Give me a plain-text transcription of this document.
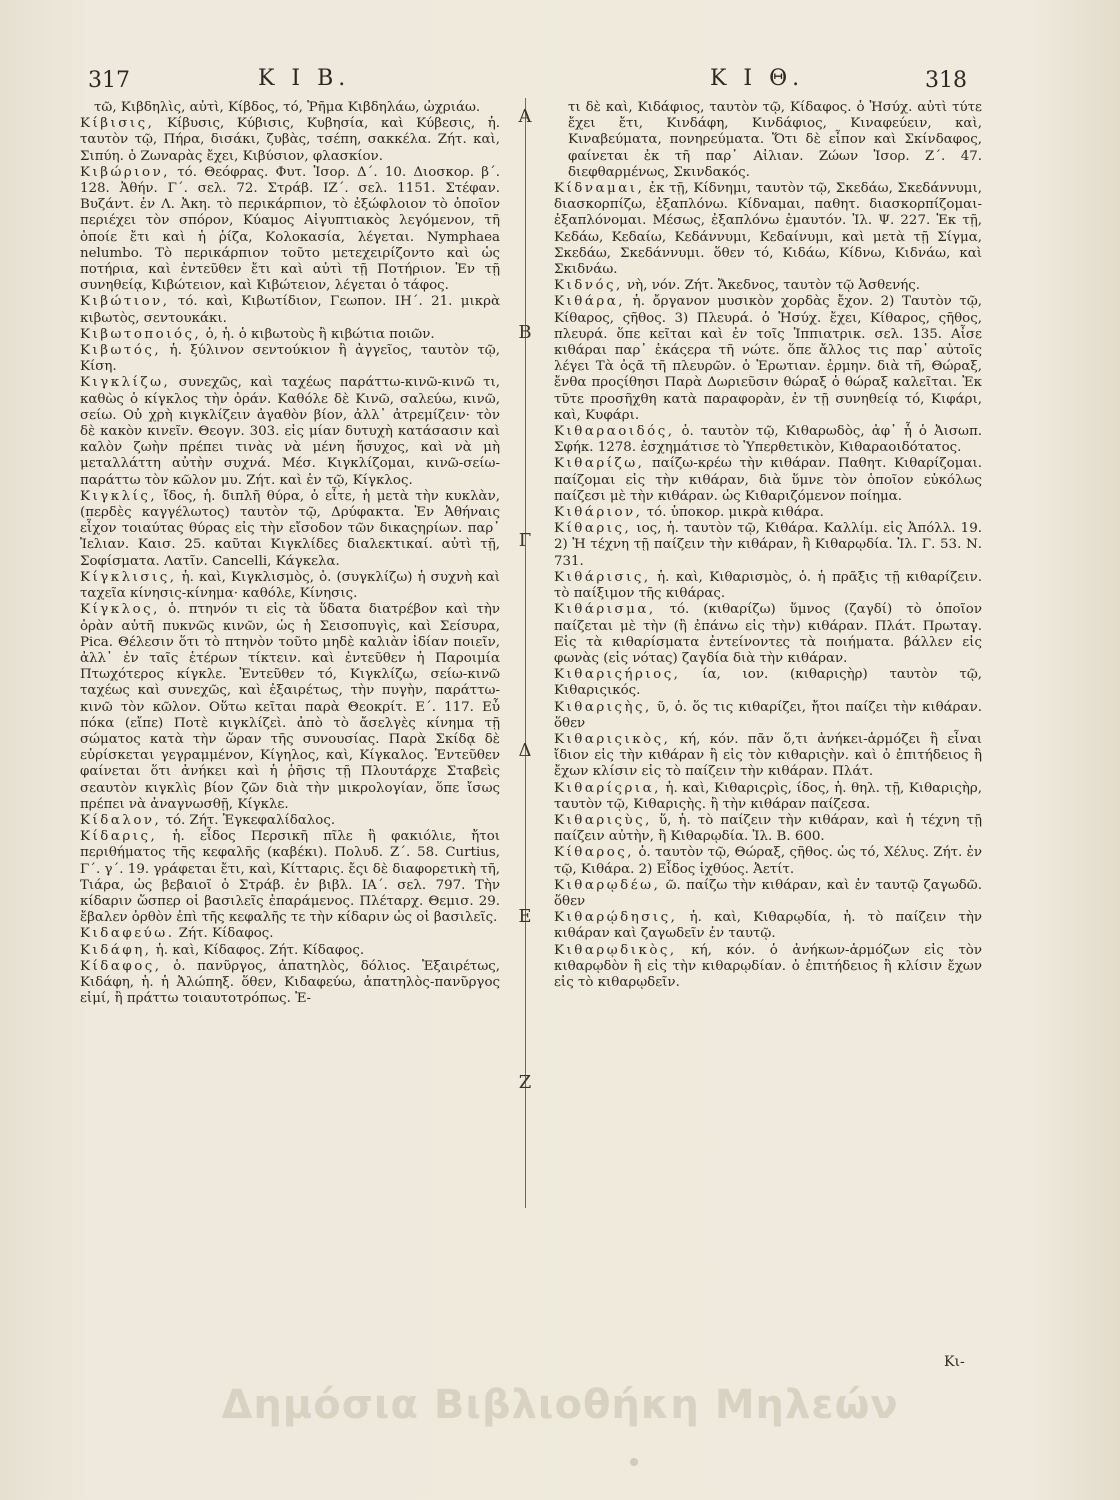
317	Κ Ι Β.	Κ Ι Θ.	318
τῶ, Κιβδηλὶς, αὐτὶ, Κίβδος, τό, Ῥῆμα Κιβδηλάω, ὠχριάω.
Κίβισις, Κίβυσις, Κύβισις, Κυβησία, καὶ Κύβεσις, ἡ. ταυτὸν τῷ, Πήρα, δισάκι, ζυβὰς, τσέπη, σακκέλα. Ζήτ. καὶ, Σιπύη. ὁ Ζωναρὰς ἔχει, Κιβύσιον, φλασκίον.
Κιβώριον, τό. Θεόφρας. Φυτ. Ἱσορ. Δ΄. 10. Διοσκορ. β΄. 128. Ἀθήν. Γ΄. σελ. 72. Στράβ. ΙΖ΄. σελ. 1151. Στέφαν. Βυζάντ. ἐν Λ. Ἀκη. τὸ περικάρπιον, τὸ ἐξώφλοιον τὸ ὁποῖον περιέχει τὸν σπόρον, Κύαμος Αἰγυπτιακὸς λεγόμενον, τῆ ὁποίε ἔτι καὶ ἡ ῥίζα, Κολοκασία, λέγεται. Nymphaea nelumbo. Τὸ περικάρπιον τοῦτο μετεχειρίζοντο καὶ ὡς ποτήρια, καὶ ἐντεῦθεν ἔτι καὶ αὐτὶ τῇ Ποτήριον. Ἐν τῇ συνηθείᾳ, Κιβώτειον, καὶ Κιβώτειον, λέγεται ὁ τάφος.
Κιβώτιον, τό. καὶ, Κιβωτίδιον, Γεωπον. ΙΗ΄. 21. μικρὰ κιβωτὸς, σεντουκάκι.
Κιβωτοποιός, ὁ, ἡ. ὁ κιβωτοὺς ἢ κιβώτια ποιῶν.
Κιβωτός, ἡ. ξύλινον σεντούκιον ἢ ἀγγεῖος, ταυτὸν τῷ, Κίση.
Κιγκλίζω, συνεχῶς, καὶ ταχέως παράττω-κινῶ-κινῶ τι, καθὼς ὁ κίγκλος τὴν ὀράν. Καθόλε δὲ Κινῶ, σαλεύω, κινῶ, σείω. Οὐ χρὴ κιγκλίζειν ἀγαθὸν βίον, ἀλλ᾽ ἀτρεμίζειν· τὸν δὲ κακὸν κινεῖν. Θεογν. 303. εἰς μίαν δυτυχὴ κατάσασιν καὶ καλὸν ζωὴν πρέπει τινὰς νὰ μένη ἥσυχος, καὶ νὰ μὴ μεταλλάττη αὐτὴν συχνά. Μέσ. Κιγκλίζομαι, κινῶ-σείω-παράττω τὸν κῶλον μυ. Ζήτ. καὶ ἐν τῷ, Κίγκλος.
Κιγκλίς, ἴδος, ἡ. διπλῆ θύρα, ὁ εἶτε, ἡ μετὰ τὴν κυκλὰν, (περδὲς καγγέλωτος) ταυτὸν τῷ, Δρύφακτα. Ἐν Ἀθήναις εἶχον τοιαύτας θύρας εἰς τὴν εἴσοδον τῶν δικαςηρίων. παρ᾽ Ἰελιαν. Καισ. 25. καῦται Κιγκλίδες διαλεκτικαί. αὐτὶ τῇ, Σοφίσματα. Λατῖν. Cancelli, Κάγκελα.
Κίγκλισις, ἡ. καὶ, Κιγκλισμὸς, ὁ. (συγκλίζω) ἡ συχνὴ καὶ ταχεῖα κίνησις-κίνημα· καθόλε, Κίνησις.
Κίγκλος, ὁ. πτηνόν τι εἰς τὰ ὕδατα διατρέβον καὶ τὴν ὀρὰν αὐτῆ πυκνῶς κινῶν, ὡς ἡ Σεισοπυγὶς, καὶ Σείσυρα, Pica. Θέλεσιν ὅτι τὸ πτηνὸν τοῦτο μηδὲ καλιὰν ἰδίαν ποιεῖν, ἀλλ᾽ ἐν ταῖς ἑτέρων τίκτειν. καὶ ἐντεῦθεν ἡ Παροιμία Πτωχότερος κίγκλε. Ἐντεῦθεν τό, Κιγκλίζω, σείω-κινῶ ταχέως καὶ συνεχῶς, καὶ ἐξαιρέτως, τὴν πυγὴν, παράττω-κινῶ τὸν κῶλον. Οὕτω κεῖται παρὰ Θεοκρίτ. Ε΄. 117. Εὖ πόκα (εἴπε) Ποτὲ κιγκλίζεὶ. ἀπὸ τὸ ἄσελγὲς κίνημα τῇ σώματος κατὰ τὴν ὥραν τῆς συνουσίας. Παρὰ Σκίδᾳ δὲ εὑρίσκεται γεγραμμένον, Κίγηλος, καὶ, Κίγκαλος. Ἐντεῦθεν φαίνεται ὅτι ἀνήκει καὶ ἡ ῥῆσις τῇ Πλουτάρχε Σταβεὶς σεαυτὸν κιγκλὶς βίον ζῶν διὰ τὴν μικρολογίαν, ὅπε ἴσως πρέπει νὰ ἀναγνωσθῇ, Κίγκλε.
Κίδαλον, τό. Ζήτ. Ἐγκεφαλίδαλος.
Κίδαρις, ἡ. εἶδος Περσικῆ πῖλε ἢ φακιόλιε, ἤτοι περιθήματος τῆς κεφαλῆς (καβέκι). Πολυδ. Ζ΄. 58. Curtius, Γ΄. γ΄. 19. γράφεται ἔτι, καὶ, Κίτταρις. ἔςι δὲ διαφορετικὴ τῆ, Τιάρα, ὡς βεβαιοῖ ὁ Στράβ. ἐν βιβλ. ΙΑ΄. σελ. 797. Τὴν κίδαριν ὥσπερ οἱ βασιλεῖς ἐπαράμενος. Πλέταρχ. Θεμισ. 29. ἔβαλεν ὀρθὸν ἐπὶ τῆς κεφαλῆς τε τὴν κίδαριν ὡς οἱ βασιλεῖς.
Κιδαφεύω. Ζήτ. Κίδαφος.
Κιδάφη, ἡ. καὶ, Κίδαφος. Ζήτ. Κίδαφος.
Κίδαφος, ὁ. πανῦργος, ἀπατηλὸς, δόλιος. Ἐξαιρέτως, Κιδάφη, ἡ. ἡ Ἀλώπηξ. ὅθεν, Κιδαφεύω, ἀπατηλὸς-πανῦργος εἰμί, ἢ πράττω τοιαυτοτρόπως. Ἐ-
τι δὲ καὶ, Κιδάφιος, ταυτὸν τῷ, Κίδαφος. ὁ Ἡσύχ. αὐτὶ τύτε ἔχει ἔτι, Κινδάφη, Κινδάφιος, Κιναφεύειν, καὶ, Κιναβεύματα, πονηρεύματα. Ὅτι δὲ εἶπον καὶ Σκίνδαφος, φαίνεται ἐκ τῆ παρ᾽ Αἰλιαν. Ζώων Ἱσορ. Ζ΄. 47. διεφθαρμένως, Σκινδακός.
Κίδναμαι, ἐκ τῇ, Κίδνημι, ταυτὸν τῷ, Σκεδάω, Σκεδάννυμι, διασκορπίζω, ἐξαπλόνω. Κίδναμαι, παθητ. διασκορπίζομαι-ἐξαπλόνομαι. Μέσως, ἐξαπλόνω ἐμαυτόν. Ἰλ. Ψ. 227. Ἐκ τῇ, Κεδάω, Κεδαίω, Κεδάννυμι, Κεδαίνυμι, καὶ μετὰ τῇ Σίγμα, Σκεδάω, Σκεδάννυμι. ὅθεν τό, Κιδάω, Κίδνω, Κιδνάω, καὶ Σκιδνάω.
Κιδνός, νὴ, νόν. Ζήτ. Ἄκεδνος, ταυτὸν τῷ Ἀσθενής.
Κιθάρα, ἡ. ὄργανον μυσικὸν χορδὰς ἔχον. 2) Ταυτὸν τῷ, Κίθαρος, ςῆθος. 3) Πλευρά. ὁ Ἡσύχ. ἔχει, Κίθαρος, ςῆθος, πλευρά. ὅπε κεῖται καὶ ἐν τοῖς Ἱππιατρικ. σελ. 135. Αἶσε κιθάραι παρ᾽ ἑκάςερα τῆ νώτε. ὅπε ἄλλος τις παρ᾽ αὐτοῖς λέγει Τὰ ὀςᾶ τῆ πλευρῶν. ὁ Ἐρωτιαν. ἑρμην. διὰ τῆ, Θώραξ, ἔνθα προςίθησι Παρὰ Δωριεῦσιν θώραξ ὁ θώραξ καλεῖται. Ἐκ τῦτε προσῆχθη κατὰ παραφορὰν, ἐν τῇ συνηθείᾳ τό, Κιφάρι, καὶ, Κυφάρι.
Κιθαραοιδός, ὁ. ταυτὸν τῷ, Κιθαρωδὸς, ἀφ᾽ ἧ ὁ Ἀισωπ. Σφήκ. 1278. ἐσχημάτισε τὸ Ὑπερθετικὸν, Κιθαραοιδότατος.
Κιθαρίζω, παίζω-κρέω τὴν κιθάραν. Παθητ. Κιθαρίζομαι. παίζομαι εἰς τὴν κιθάραν, διὰ ὕμνε τὸν ὁποῖον εὐκόλως παίζεσι μὲ τὴν κιθάραν. ὡς Κιθαριζόμενον ποίημα.
Κιθάριον, τό. ὑποκορ. μικρὰ κιθάρα.
Κίθαρις, ιος, ἡ. ταυτὸν τῷ, Κιθάρα. Καλλίμ. εἰς Ἀπόλλ. 19. 2) Ἡ τέχνη τῇ παίζειν τὴν κιθάραν, ἢ Κιθαρῳδία. Ἰλ. Γ. 53. Ν. 731.
Κιθάρισις, ἡ. καὶ, Κιθαρισμὸς, ὁ. ἡ πρᾶξις τῇ κιθαρίζειν. τὸ παίξιμον τῆς κιθάρας.
Κιθάρισμα, τό. (κιθαρίζω) ὕμνος (ζαγδί) τὸ ὁποῖον παίζεται μὲ τὴν (ἢ ἐπάνω εἰς τὴν) κιθάραν. Πλάτ. Πρωταγ. Εἰς τὰ κιθαρίσματα ἐντείνοντες τὰ ποιήματα. βάλλεν εἰς φωνὰς (εἰς νότας) ζαγδία διὰ τὴν κιθάραν.
Κιθαριςήριος, ία, ιον. (κιθαριςὴρ) ταυτὸν τῷ, Κιθαριςικός.
Κιθαριςὴς, ῦ, ὁ. ὅς τις κιθαρίζει, ἤτοι παίζει τὴν κιθάραν. ὅθεν
Κιθαριςικὸς, κή, κόν. πᾶν ὅ,τι ἀνήκει-ἁρμόζει ἢ εἶναι ἴδιον εἰς τὴν κιθάραν ἢ εἰς τὸν κιθαριςὴν. καὶ ὁ ἐπιτήδειος ἢ ἔχων κλίσιν εἰς τὸ παίζειν τὴν κιθάραν. Πλάτ.
Κιθαρίςρια, ἡ. καὶ, Κιθαριςρὶς, ίδος, ἡ. θηλ. τῇ, Κιθαριςὴρ, ταυτὸν τῷ, Κιθαριςὴς. ἢ τὴν κιθάραν παίζεσα.
Κιθαριςὺς, ὕ, ἡ. τὸ παίζειν τὴν κιθάραν, καὶ ἡ τέχνη τῇ παίζειν αὐτὴν, ἢ Κιθαρῳδία. Ἰλ. Β. 600.
Κίθαρος, ὁ. ταυτὸν τῷ, Θώραξ, ςῆθος. ὡς τό, Χέλυς. Ζήτ. ἐν τῷ, Κιθάρα. 2) Εἶδος ἰχθύος. Ἀετίτ.
Κιθαρῳδέω, ῶ. παίζω τὴν κιθάραν, καὶ ἐν ταυτῷ ζαγωδῶ. ὅθεν
Κιθαρῴδησις, ἡ. καὶ, Κιθαρῳδία, ἡ. τὸ παίζειν τὴν κιθάραν καὶ ζαγωδεῖν ἐν ταυτῷ.
Κιθαρῳδικὸς, κή, κόν. ὁ ἀνήκων-ἁρμόζων εἰς τὸν κιθαρῳδὸν ἢ εἰς τὴν κιθαρῳδίαν. ὁ ἐπιτήδειος ἢ κλίσιν ἔχων εἰς τὸ κιθαρῳδεῖν.
Α
Β
Γ
Δ
Ε
Ζ
Κι-
Δημόσια Βιβλιοθήκη Μηλεών
